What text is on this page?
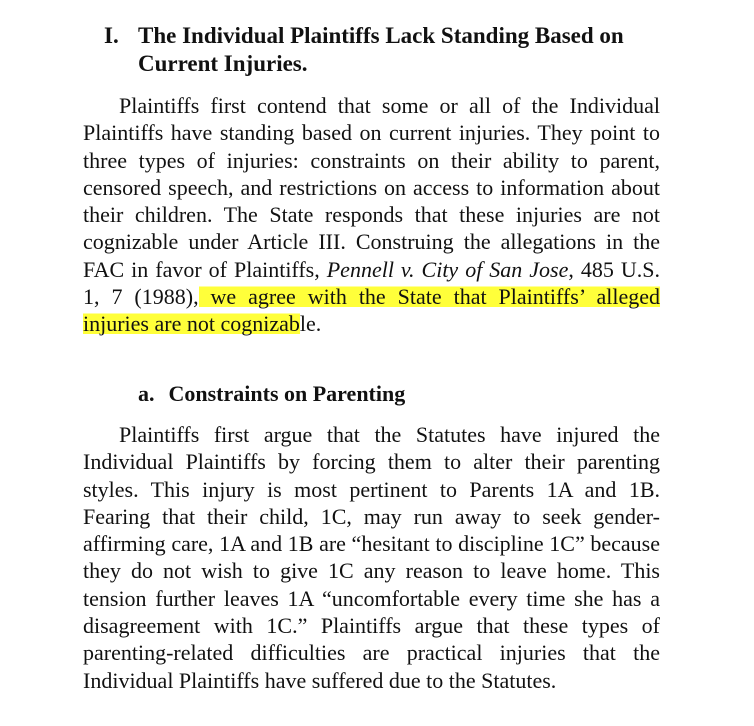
I. The Individual Plaintiffs Lack Standing Based on Current Injuries.

Plaintiffs first contend that some or all of the Individual Plaintiffs have standing based on current injuries. They point to three types of injuries: constraints on their ability to parent, censored speech, and restrictions on access to information about their children. The State responds that these injuries are not cognizable under Article III. Construing the allegations in the FAC in favor of Plaintiffs, Pennell v. City of San Jose, 485 U.S. 1, 7 (1988), we agree with the State that Plaintiffs’ alleged injuries are not cognizable.

a. Constraints on Parenting

Plaintiffs first argue that the Statutes have injured the Individual Plaintiffs by forcing them to alter their parenting styles. This injury is most pertinent to Parents 1A and 1B. Fearing that their child, 1C, may run away to seek gender-affirming care, 1A and 1B are “hesitant to discipline 1C” because they do not wish to give 1C any reason to leave home. This tension further leaves 1A “uncomfortable every time she has a disagreement with 1C.” Plaintiffs argue that these types of parenting-related difficulties are practical injuries that the Individual Plaintiffs have suffered due to the Statutes.
